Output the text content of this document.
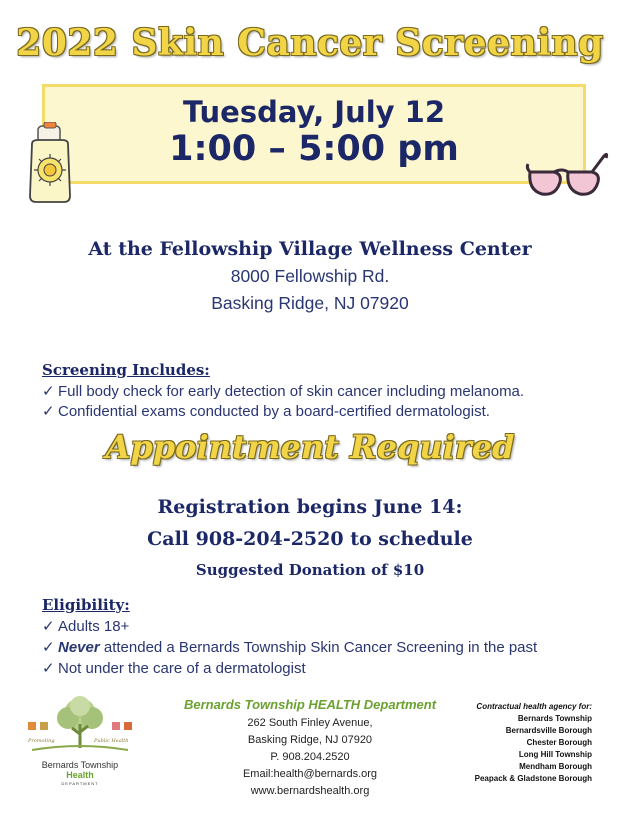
2022 Skin Cancer Screening
Tuesday, July 12
1:00 – 5:00 pm
At the Fellowship Village Wellness Center
8000 Fellowship Rd.
Basking Ridge, NJ 07920
Screening Includes:
✓ Full body check for early detection of skin cancer including melanoma.
✓ Confidential exams conducted by a board-certified dermatologist.
Appointment Required
Registration begins June 14:
Call 908-204-2520 to schedule
Suggested Donation of $10
Eligibility:
✓ Adults 18+
✓ Never attended a Bernards Township Skin Cancer Screening in the past
✓ Not under the care of a dermatologist
Promoting	Public Health
Bernards Township
Health
DEPARTMENT
Bernards Township HEALTH Department
262 South Finley Avenue,
Basking Ridge, NJ 07920
P. 908.204.2520
Email:health@bernards.org
www.bernardshealth.org
Contractual health agency for:
Bernards Township
Bernardsville Borough
Chester Borough
Long Hill Township
Mendham Borough
Peapack & Gladstone Borough
